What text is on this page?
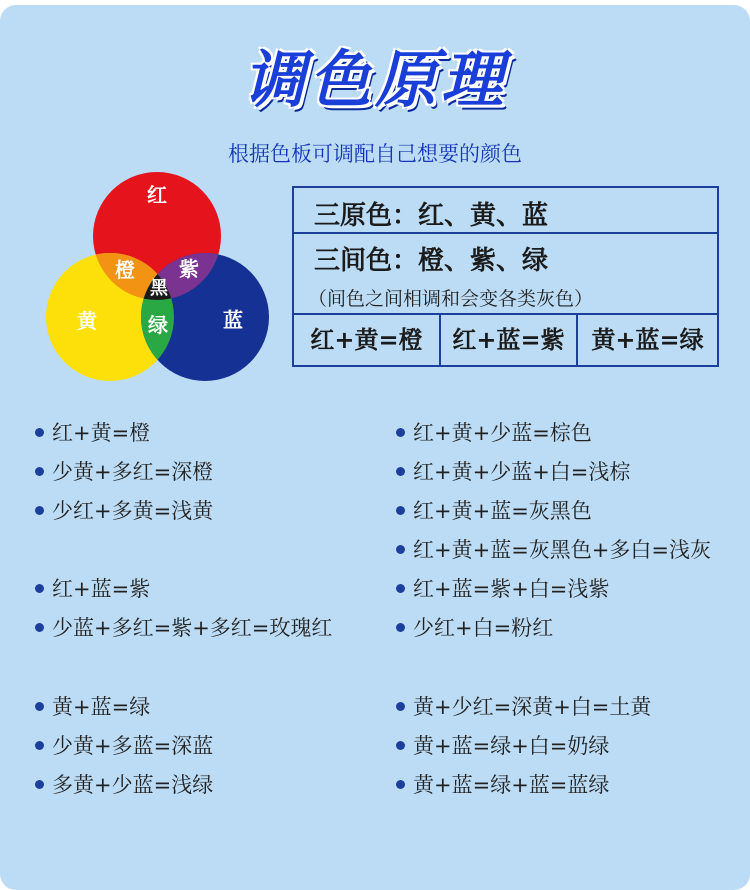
调色原理
根据色板可调配自己想要的颜色
红
橙 紫
黑
黄	绿	蓝
三原色：红、黄、蓝
三间色：橙、紫、绿
（间色之间相调和会变各类灰色）
红+黄=橙	红+蓝=紫	黄+蓝=绿
红+黄=橙
少黄+多红=深橙
少红+多黄=浅黄
红+蓝=紫
少蓝+多红=紫+多红=玫瑰红
黄+蓝=绿
少黄+多蓝=深蓝
多黄+少蓝=浅绿
红+黄+少蓝=棕色
红+黄+少蓝+白=浅棕
红+黄+蓝=灰黑色
红+黄+蓝=灰黑色+多白=浅灰
红+蓝=紫+白=浅紫
少红+白=粉红
黄+少红=深黄+白=土黄
黄+蓝=绿+白=奶绿
黄+蓝=绿+蓝=蓝绿
